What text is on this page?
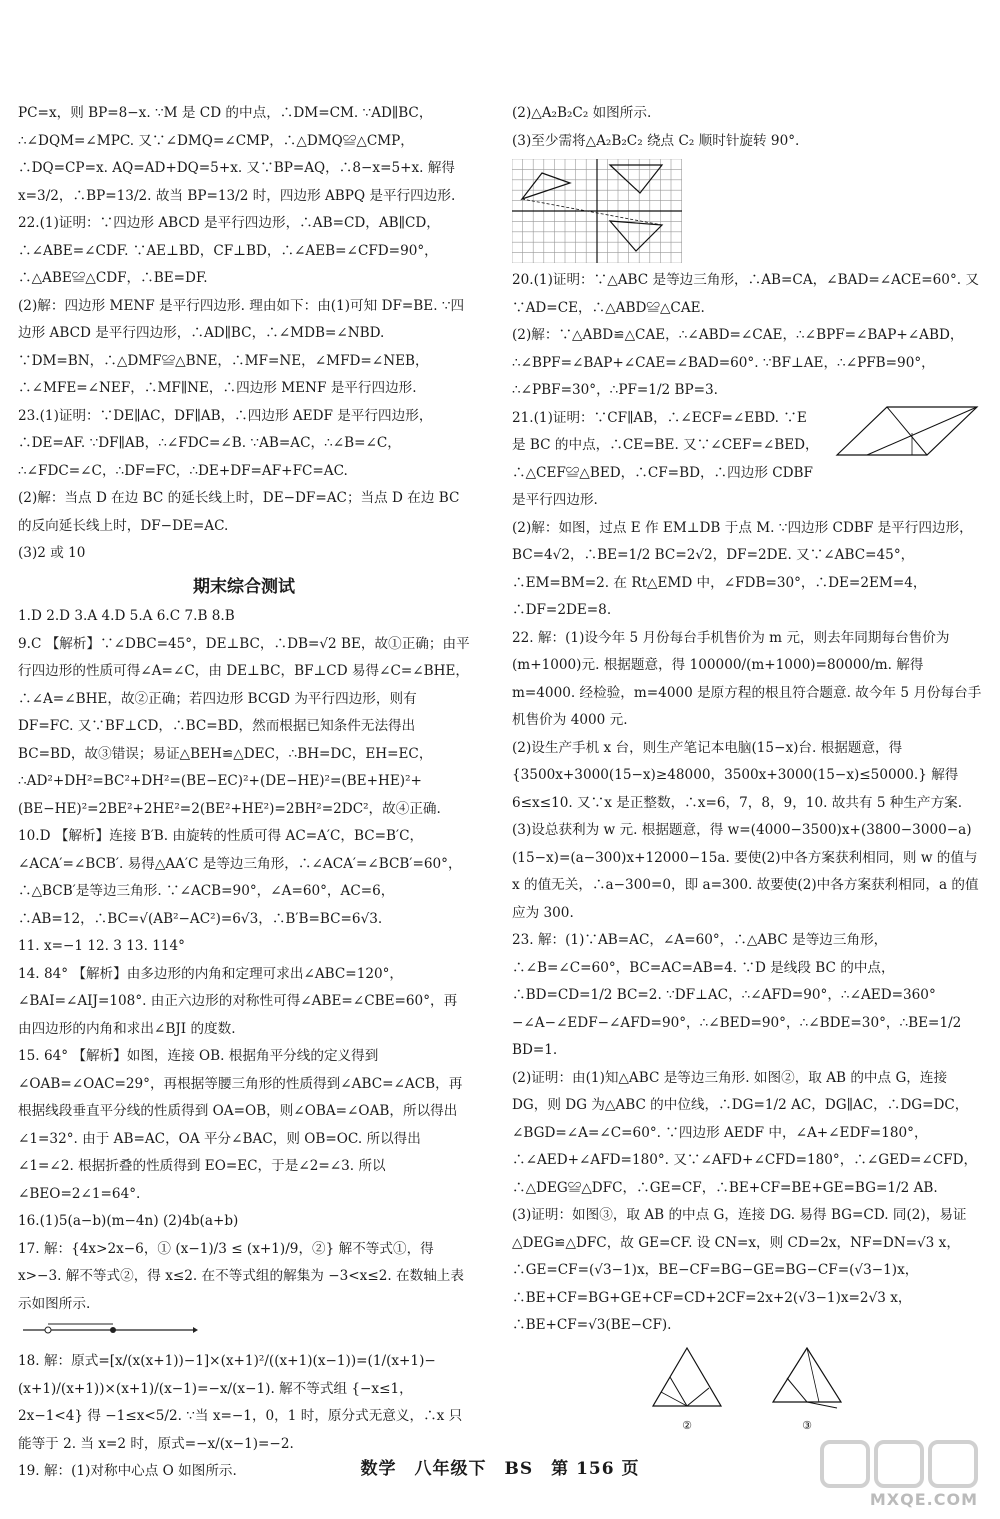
PC=x，则 BP=8−x. ∵M 是 CD 的中点，∴DM=CM. ∵AD∥BC，∴∠DQM=∠MPC. 又∵∠DMQ=∠CMP，∴△DMQ≌△CMP，∴DQ=CP=x. AQ=AD+DQ=5+x. 又∵BP=AQ，∴8−x=5+x. 解得 x=3/2，∴BP=13/2. 故当 BP=13/2 时，四边形 ABPQ 是平行四边形.

22.(1)证明：∵四边形 ABCD 是平行四边形，∴AB=CD，AB∥CD，∴∠ABE=∠CDF. ∵AE⊥BD，CF⊥BD，∴∠AEB=∠CFD=90°，∴△ABE≌△CDF，∴BE=DF.

(2)解：四边形 MENF 是平行四边形. 理由如下：由(1)可知 DF=BE. ∵四边形 ABCD 是平行四边形，∴AD∥BC，∴∠MDB=∠NBD. ∵DM=BN，∴△DMF≌△BNE，∴MF=NE，∠MFD=∠NEB，∴∠MFE=∠NEF，∴MF∥NE，∴四边形 MENF 是平行四边形.

23.(1)证明：∵DE∥AC，DF∥AB，∴四边形 AEDF 是平行四边形，∴DE=AF. ∵DF∥AB，∴∠FDC=∠B. ∵AB=AC，∴∠B=∠C，∴∠FDC=∠C，∴DF=FC，∴DE+DF=AF+FC=AC.

(2)解：当点 D 在边 BC 的延长线上时，DE−DF=AC；当点 D 在边 BC 的反向延长线上时，DF−DE=AC.

(3)2 或 10

期末综合测试

1.D 2.D 3.A 4.D 5.A 6.C 7.B 8.B

9.C 【解析】∵∠DBC=45°，DE⊥BC，∴DB=√2 BE，故①正确；由平行四边形的性质可得∠A=∠C，由 DE⊥BC，BF⊥CD 易得∠C=∠BHE，∴∠A=∠BHE，故②正确；若四边形 BCGD 为平行四边形，则有 DF=FC. 又∵BF⊥CD，∴BC=BD，然而根据已知条件无法得出 BC=BD，故③错误；易证△BEH≌△DEC，∴BH=DC，EH=EC，∴AD²+DH²=BC²+DH²=(BE−EC)²+(DE−HE)²=(BE+HE)²+(BE−HE)²=2BE²+2HE²=2(BE²+HE²)=2BH²=2DC²，故④正确.

10.D 【解析】连接 B′B. 由旋转的性质可得 AC=A′C，BC=B′C，∠ACA′=∠BCB′. 易得△AA′C 是等边三角形，∴∠ACA′=∠BCB′=60°，∴△BCB′是等边三角形. ∵∠ACB=90°，∠A=60°，AC=6，∴AB=12，∴BC=√(AB²−AC²)=6√3，∴B′B=BC=6√3.

11. x=−1 12. 3 13. 114°

14. 84° 【解析】由多边形的内角和定理可求出∠ABC=120°，∠BAI=∠AIJ=108°. 由正六边形的对称性可得∠ABE=∠CBE=60°，再由四边形的内角和求出∠BJI 的度数.

15. 64° 【解析】如图，连接 OB. 根据角平分线的定义得到∠OAB=∠OAC=29°，再根据等腰三角形的性质得到∠ABC=∠ACB，再根据线段垂直平分线的性质得到 OA=OB，则∠OBA=∠OAB，所以得出∠1=32°. 由于 AB=AC，OA 平分∠BAC，则 OB=OC. 所以得出∠1=∠2. 根据折叠的性质得到 EO=EC，于是∠2=∠3. 所以∠BEO=2∠1=64°.

16.(1)5(a−b)(m−4n) (2)4b(a+b)

17. 解：{4x>2x−6，① (x−1)/3 ≤ (x+1)/9，②} 解不等式①，得 x>−3. 解不等式②，得 x≤2. 在不等式组的解集为 −3<x≤2. 在数轴上表示如图所示.

18. 解：原式=[x/(x(x+1))−1]×(x+1)²/((x+1)(x−1))=(1/(x+1)−(x+1)/(x+1))×(x+1)/(x−1)=−x/(x−1). 解不等式组 {−x≤1，2x−1<4} 得 −1≤x<5/2. ∵当 x=−1，0，1 时，原分式无意义，∴x 只能等于 2. 当 x=2 时，原式=−x/(x−1)=−2.

19. 解：(1)对称中心点 O 如图所示.

(2)△A₂B₂C₂ 如图所示.

(3)至少需将△A₂B₂C₂ 绕点 C₂ 顺时针旋转 90°.

20.(1)证明：∵△ABC 是等边三角形，∴AB=CA，∠BAD=∠ACE=60°. 又∵AD=CE，∴△ABD≌△CAE.

(2)解：∵△ABD≌△CAE，∴∠ABD=∠CAE，∴∠BPF=∠BAP+∠ABD，∴∠BPF=∠BAP+∠CAE=∠BAD=60°. ∵BF⊥AE，∴∠PFB=90°，∴∠PBF=30°，∴PF=1/2 BP=3.

21.(1)证明：∵CF∥AB，∴∠ECF=∠EBD. ∵E 是 BC 的中点，∴CE=BE. 又∵∠CEF=∠BED，∴△CEF≌△BED，∴CF=BD，∴四边形 CDBF 是平行四边形.

(2)解：如图，过点 E 作 EM⊥DB 于点 M. ∵四边形 CDBF 是平行四边形，BC=4√2，∴BE=1/2 BC=2√2，DF=2DE. 又∵∠ABC=45°，∴EM=BM=2. 在 Rt△EMD 中，∠FDB=30°，∴DE=2EM=4，∴DF=2DE=8.

22. 解：(1)设今年 5 月份每台手机售价为 m 元，则去年同期每台售价为(m+1000)元. 根据题意，得 100000/(m+1000)=80000/m. 解得 m=4000. 经检验，m=4000 是原方程的根且符合题意. 故今年 5 月份每台手机售价为 4000 元.

(2)设生产手机 x 台，则生产笔记本电脑(15−x)台. 根据题意，得 {3500x+3000(15−x)≥48000，3500x+3000(15−x)≤50000.} 解得 6≤x≤10. 又∵x 是正整数，∴x=6，7，8，9，10. 故共有 5 种生产方案.

(3)设总获利为 w 元. 根据题意，得 w=(4000−3500)x+(3800−3000−a)(15−x)=(a−300)x+12000−15a. 要使(2)中各方案获利相同，则 w 的值与 x 的值无关，∴a−300=0，即 a=300. 故要使(2)中各方案获利相同，a 的值应为 300.

23. 解：(1)∵AB=AC，∠A=60°，∴△ABC 是等边三角形，∴∠B=∠C=60°，BC=AC=AB=4. ∵D 是线段 BC 的中点，∴BD=CD=1/2 BC=2. ∵DF⊥AC，∴∠AFD=90°，∴∠AED=360°−∠A−∠EDF−∠AFD=90°，∴∠BED=90°，∴∠BDE=30°，∴BE=1/2 BD=1.

(2)证明：由(1)知△ABC 是等边三角形. 如图②，取 AB 的中点 G，连接 DG，则 DG 为△ABC 的中位线，∴DG=1/2 AC，DG∥AC，∴DG=DC，∠BGD=∠A=∠C=60°. ∵四边形 AEDF 中，∠A+∠EDF=180°，∴∠AED+∠AFD=180°. 又∵∠AFD+∠CFD=180°，∴∠GED=∠CFD，∴△DEG≌△DFC，∴GE=CF，∴BE+CF=BE+GE=BG=1/2 AB.

(3)证明：如图③，取 AB 的中点 G，连接 DG. 易得 BG=CD. 同(2)，易证△DEG≌△DFC，故 GE=CF. 设 CN=x，则 CD=2x，NF=DN=√3 x，∴GE=CF=(√3−1)x，BE−CF=BG−GE=BG−CF=(√3−1)x，∴BE+CF=BG+GE+CF=CD+2CF=2x+2(√3−1)x=2√3 x，∴BE+CF=√3(BE−CF).

②	③
数学　八年级下　BS　第 156 页
MXQE.COM
